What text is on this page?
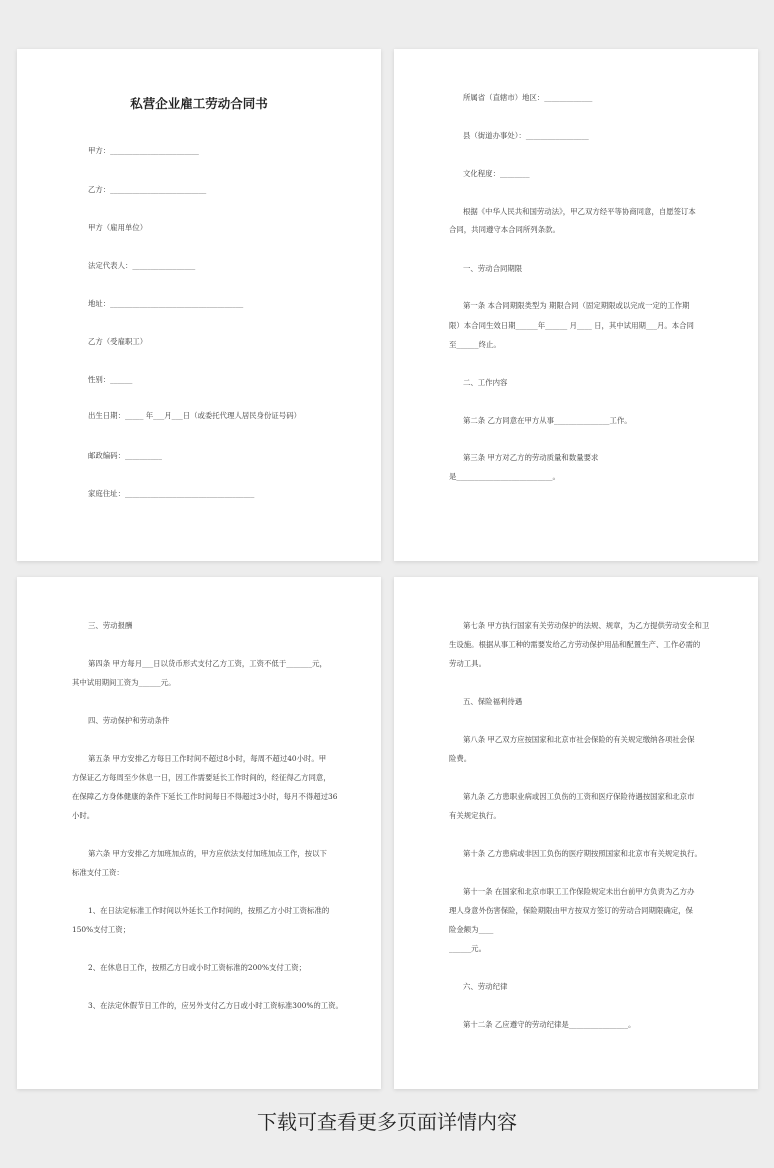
私营企业雇工劳动合同书
甲方：________________________
乙方：__________________________
甲方（雇用单位）
法定代表人：_________________
地址：____________________________________
乙方（受雇职工）
性别：______
出生日期：_____ 年___月___日（或委托代理人居民身份证号码）
邮政编码：__________
家庭住址：___________________________________
所属省（直辖市）地区：_____________
县（街道办事处）：_________________
文化程度：________
根据《中华人民共和国劳动法》，甲乙双方经平等协商同意，自愿签订本
合同，共同遵守本合同所列条款。
一、劳动合同期限
第一条 本合同期限类型为 期限合同（固定期限或以完成一定的工作期
限）本合同生效日期______年______ 月____ 日，其中试用期___月。本合同
至______终止。
二、工作内容
第二条 乙方同意在甲方从事_______________工作。
第三条 甲方对乙方的劳动质量和数量要求
是__________________________。
三、劳动报酬
第四条 甲方每月___日以货币形式支付乙方工资，工资不低于_______元，
其中试用期间工资为______元。
四、劳动保护和劳动条件
第五条 甲方安排乙方每日工作时间不超过8小时，每周不超过40小时。甲
方保证乙方每周至少休息一日，因工作需要延长工作时间的，经征得乙方同意，
在保障乙方身体健康的条件下延长工作时间每日不得超过3小时，每月不得超过36
小时。
第六条 甲方安排乙方加班加点的，甲方应依法支付加班加点工作，按以下
标准支付工资：
1、在日法定标准工作时间以外延长工作时间的，按照乙方小时工资标准的
150%支付工资；
2、在休息日工作，按照乙方日或小时工资标准的200%支付工资；
3、在法定休假节日工作的，应另外支付乙方日或小时工资标准300%的工资。
第七条 甲方执行国家有关劳动保护的法规、规章，为乙方提供劳动安全和卫
生设施。根据从事工种的需要发给乙方劳动保护用品和配置生产、工作必需的
劳动工具。
五、保险福利待遇
第八条 甲乙双方应按国家和北京市社会保险的有关规定缴纳各项社会保
险费。
第九条 乙方患职业病或因工负伤的工资和医疗保险待遇按国家和北京市
有关规定执行。
第十条 乙方患病或非因工负伤的医疗期按照国家和北京市有关规定执行。
第十一条 在国家和北京市职工工作保险规定未出台前甲方负责为乙方办
理人身意外伤害保险，保险期限由甲方按双方签订的劳动合同期限确定，保
险金额为____
______元。
六、劳动纪律
第十二条 乙应遵守的劳动纪律是________________。
下载可查看更多页面详情内容
